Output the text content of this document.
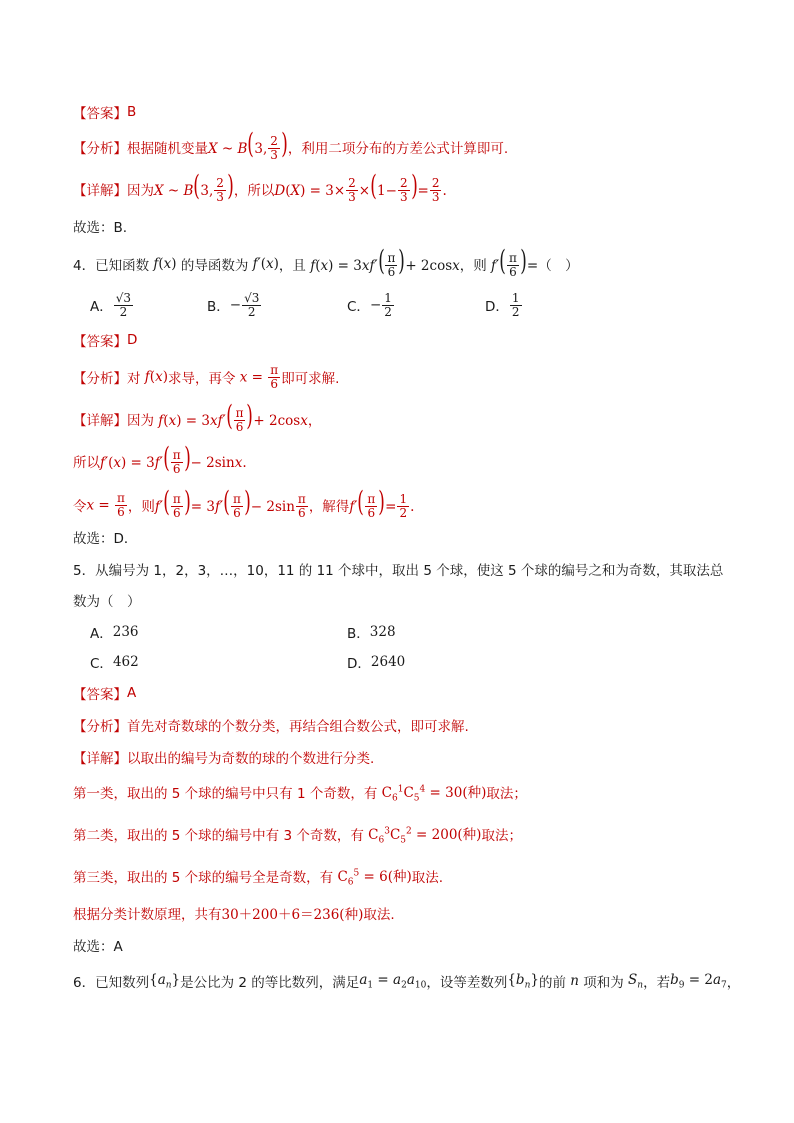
【答案】 B
【分析】 根据随机变量 X ~ B(3, $\frac{2}{3}$ ) ，利用二项分布的方差公式计算即可.
【详解】 因为 X ~ B(3, $\frac{2}{3}$ ) ，所以 $D(X) = 3\times \frac{2}{3} \times(1- \frac{2}{3}$ )= $\frac{2}{3}$ .
故选：B.
4． 已知函数 f(x) 的导函数为 f′(x) ，且 $f(x) = 3xf'( \frac{\pi}{6}$ )+ 2cosx ，则 $f'( \frac{\pi}{6}$ )= （　）
A． $\frac{√3}{2}$	B． − $\frac{√3}{2}$	C． − $\frac{1}{2}$	D． $\frac{1}{2}$
【答案】 D
【分析】 对 f(x) 求导，再令 $x = \frac{\pi}{6}$ 即可求解.
【详解】 因为 $f(x) = 3xf'( \frac{\pi}{6}$ )+ 2cosx ，
所以 $f'(x) = 3f'( \frac{\pi}{6}$ )− 2sinx.
令 $x = \frac{\pi}{6}$ ，则 $f'( \frac{\pi}{6}$ )= $3f'( \frac{\pi}{6}$ )− $2\sin \frac{\pi}{6}$ ，解得 $f'( \frac{\pi}{6}$ )= $\frac{1}{2}$ .
故选：D．
5． 从编号为 1，2，3，…，10，11 的 11 个球中，取出 5 个球，使这 5 个球的编号之和为奇数，其取法总
数为（　）
A． 236	B． 328
C． 462	D． 2640
【答案】 A
【分析】 首先对奇数球的个数分类，再结合组合数公式，即可求解.
【详解】 以取出的编号为奇数的球的个数进行分类.
第一类，取出的 5 个球的编号中只有 1 个奇数，有 $C_6^1C_5^4 = 30$(种) 取法；
第二类，取出的 5 个球的编号中有 3 个奇数，有 $C_6^3C_5^2 = 200$(种) 取法；
第三类，取出的 5 个球的编号全是奇数，有 $C_6^5 = 6$(种) 取法.
根据分类计数原理，共有 30＋200＋6＝236(种) 取法.
故选：A
6． 已知数列 $\{a_n\}$ 是公比为 2 的等比数列，满足 $a_1 = a_2a_{10}$ ，设等差数列 $\{b_n\}$ 的前 n 项和为 $S_n$ ，若 $b_9 = 2a_7$ ，
